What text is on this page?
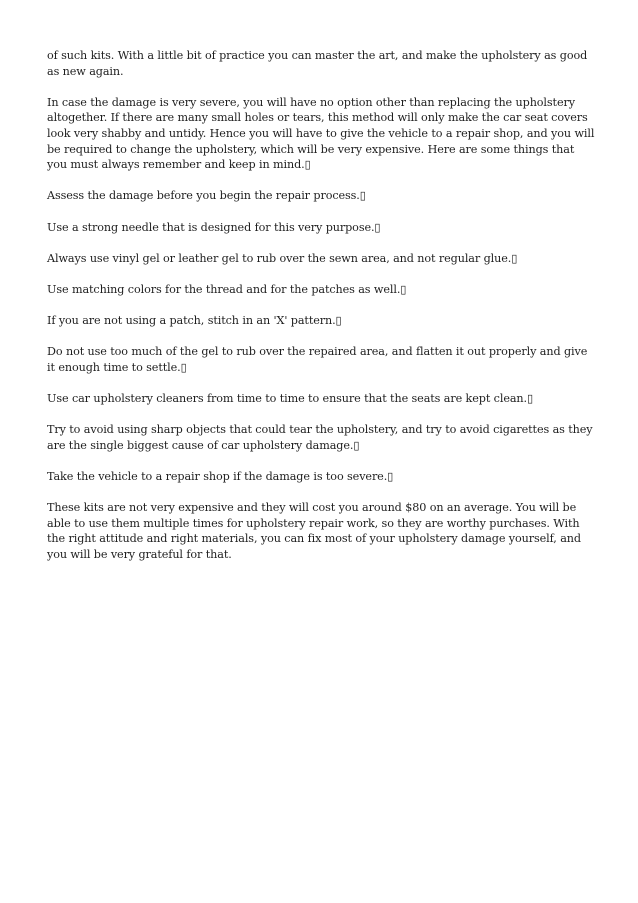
of such kits. With a little bit of practice you can master the art, and make the upholstery as good as new again.

In case the damage is very severe, you will have no option other than replacing the upholstery altogether. If there are many small holes or tears, this method will only make the car seat covers look very shabby and untidy. Hence you will have to give the vehicle to a repair shop, and you will be required to change the upholstery, which will be very expensive. Here are some things that you must always remember and keep in mind.▯

Assess the damage before you begin the repair process.▯

Use a strong needle that is designed for this very purpose.▯

Always use vinyl gel or leather gel to rub over the sewn area, and not regular glue.▯

Use matching colors for the thread and for the patches as well.▯

If you are not using a patch, stitch in an 'X' pattern.▯

Do not use too much of the gel to rub over the repaired area, and flatten it out properly and give it enough time to settle.▯

Use car upholstery cleaners from time to time to ensure that the seats are kept clean.▯

Try to avoid using sharp objects that could tear the upholstery, and try to avoid cigarettes as they are the single biggest cause of car upholstery damage.▯

Take the vehicle to a repair shop if the damage is too severe.▯

These kits are not very expensive and they will cost you around $80 on an average. You will be able to use them multiple times for upholstery repair work, so they are worthy purchases. With the right attitude and right materials, you can fix most of your upholstery damage yourself, and you will be very grateful for that.
